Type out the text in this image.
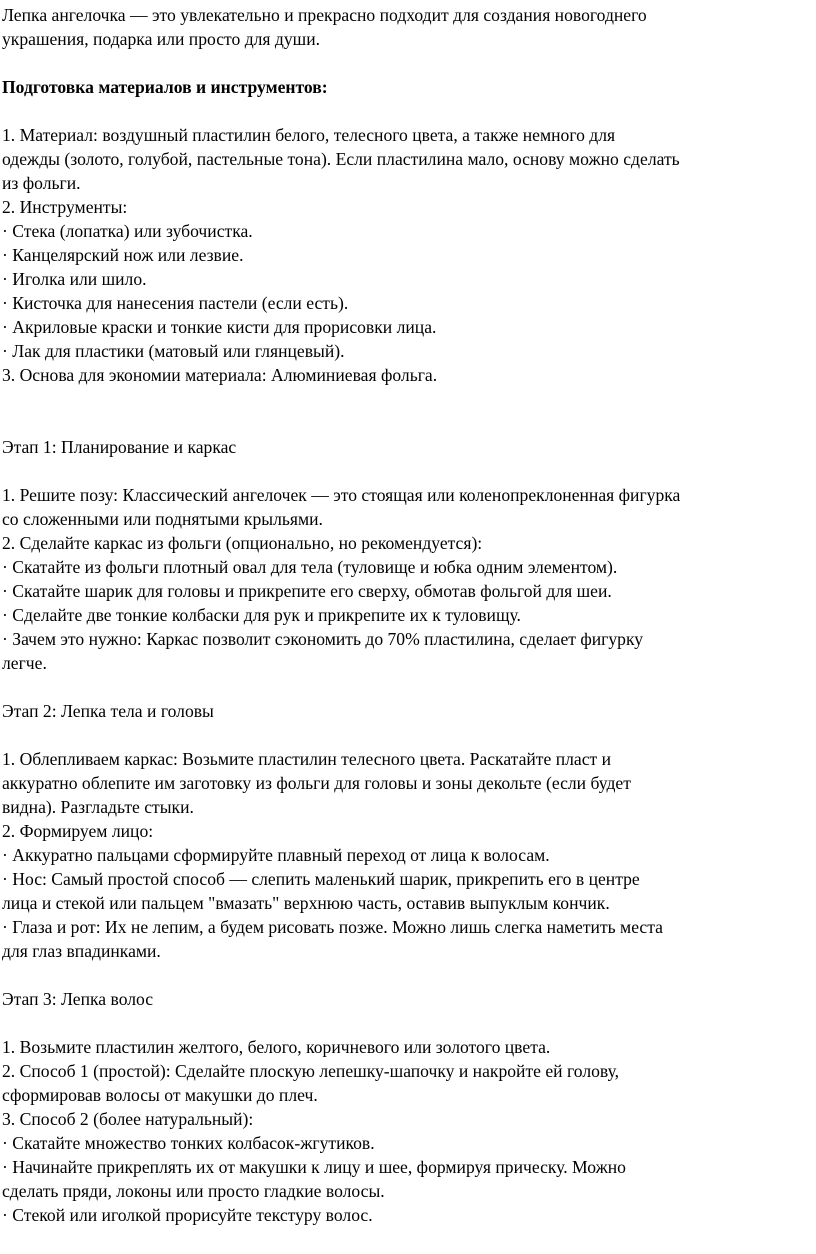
Лепка ангелочка — это увлекательно и прекрасно подходит для создания новогоднего
украшения, подарка или просто для души.
Подготовка материалов и инструментов:
1. Материал: воздушный пластилин белого, телесного цвета, а также немного для
одежды (золото, голубой, пастельные тона). Если пластилина мало, основу можно сделать
из фольги.
2. Инструменты:
· Стека (лопатка) или зубочистка.
· Канцелярский нож или лезвие.
· Иголка или шило.
· Кисточка для нанесения пастели (если есть).
· Акриловые краски и тонкие кисти для прорисовки лица.
· Лак для пластики (матовый или глянцевый).
3. Основа для экономии материала: Алюминиевая фольга.
Этап 1: Планирование и каркас
1. Решите позу: Классический ангелочек — это стоящая или коленопреклоненная фигурка
со сложенными или поднятыми крыльями.
2. Сделайте каркас из фольги (опционально, но рекомендуется):
· Скатайте из фольги плотный овал для тела (туловище и юбка одним элементом).
· Скатайте шарик для головы и прикрепите его сверху, обмотав фольгой для шеи.
· Сделайте две тонкие колбаски для рук и прикрепите их к туловищу.
· Зачем это нужно: Каркас позволит сэкономить до 70% пластилина, сделает фигурку
легче.
Этап 2: Лепка тела и головы
1. Облепливаем каркас: Возьмите пластилин телесного цвета. Раскатайте пласт и
аккуратно облепите им заготовку из фольги для головы и зоны декольте (если будет
видна). Разгладьте стыки.
2. Формируем лицо:
· Аккуратно пальцами сформируйте плавный переход от лица к волосам.
· Нос: Самый простой способ — слепить маленький шарик, прикрепить его в центре
лица и стекой или пальцем "вмазать" верхнюю часть, оставив выпуклым кончик.
· Глаза и рот: Их не лепим, а будем рисовать позже. Можно лишь слегка наметить места
для глаз впадинками.
Этап 3: Лепка волос
1. Возьмите пластилин желтого, белого, коричневого или золотого цвета.
2. Способ 1 (простой): Сделайте плоскую лепешку-шапочку и накройте ей голову,
сформировав волосы от макушки до плеч.
3. Способ 2 (более натуральный):
· Скатайте множество тонких колбасок-жгутиков.
· Начинайте прикреплять их от макушки к лицу и шее, формируя прическу. Можно
сделать пряди, локоны или просто гладкие волосы.
· Стекой или иголкой прорисуйте текстуру волос.
